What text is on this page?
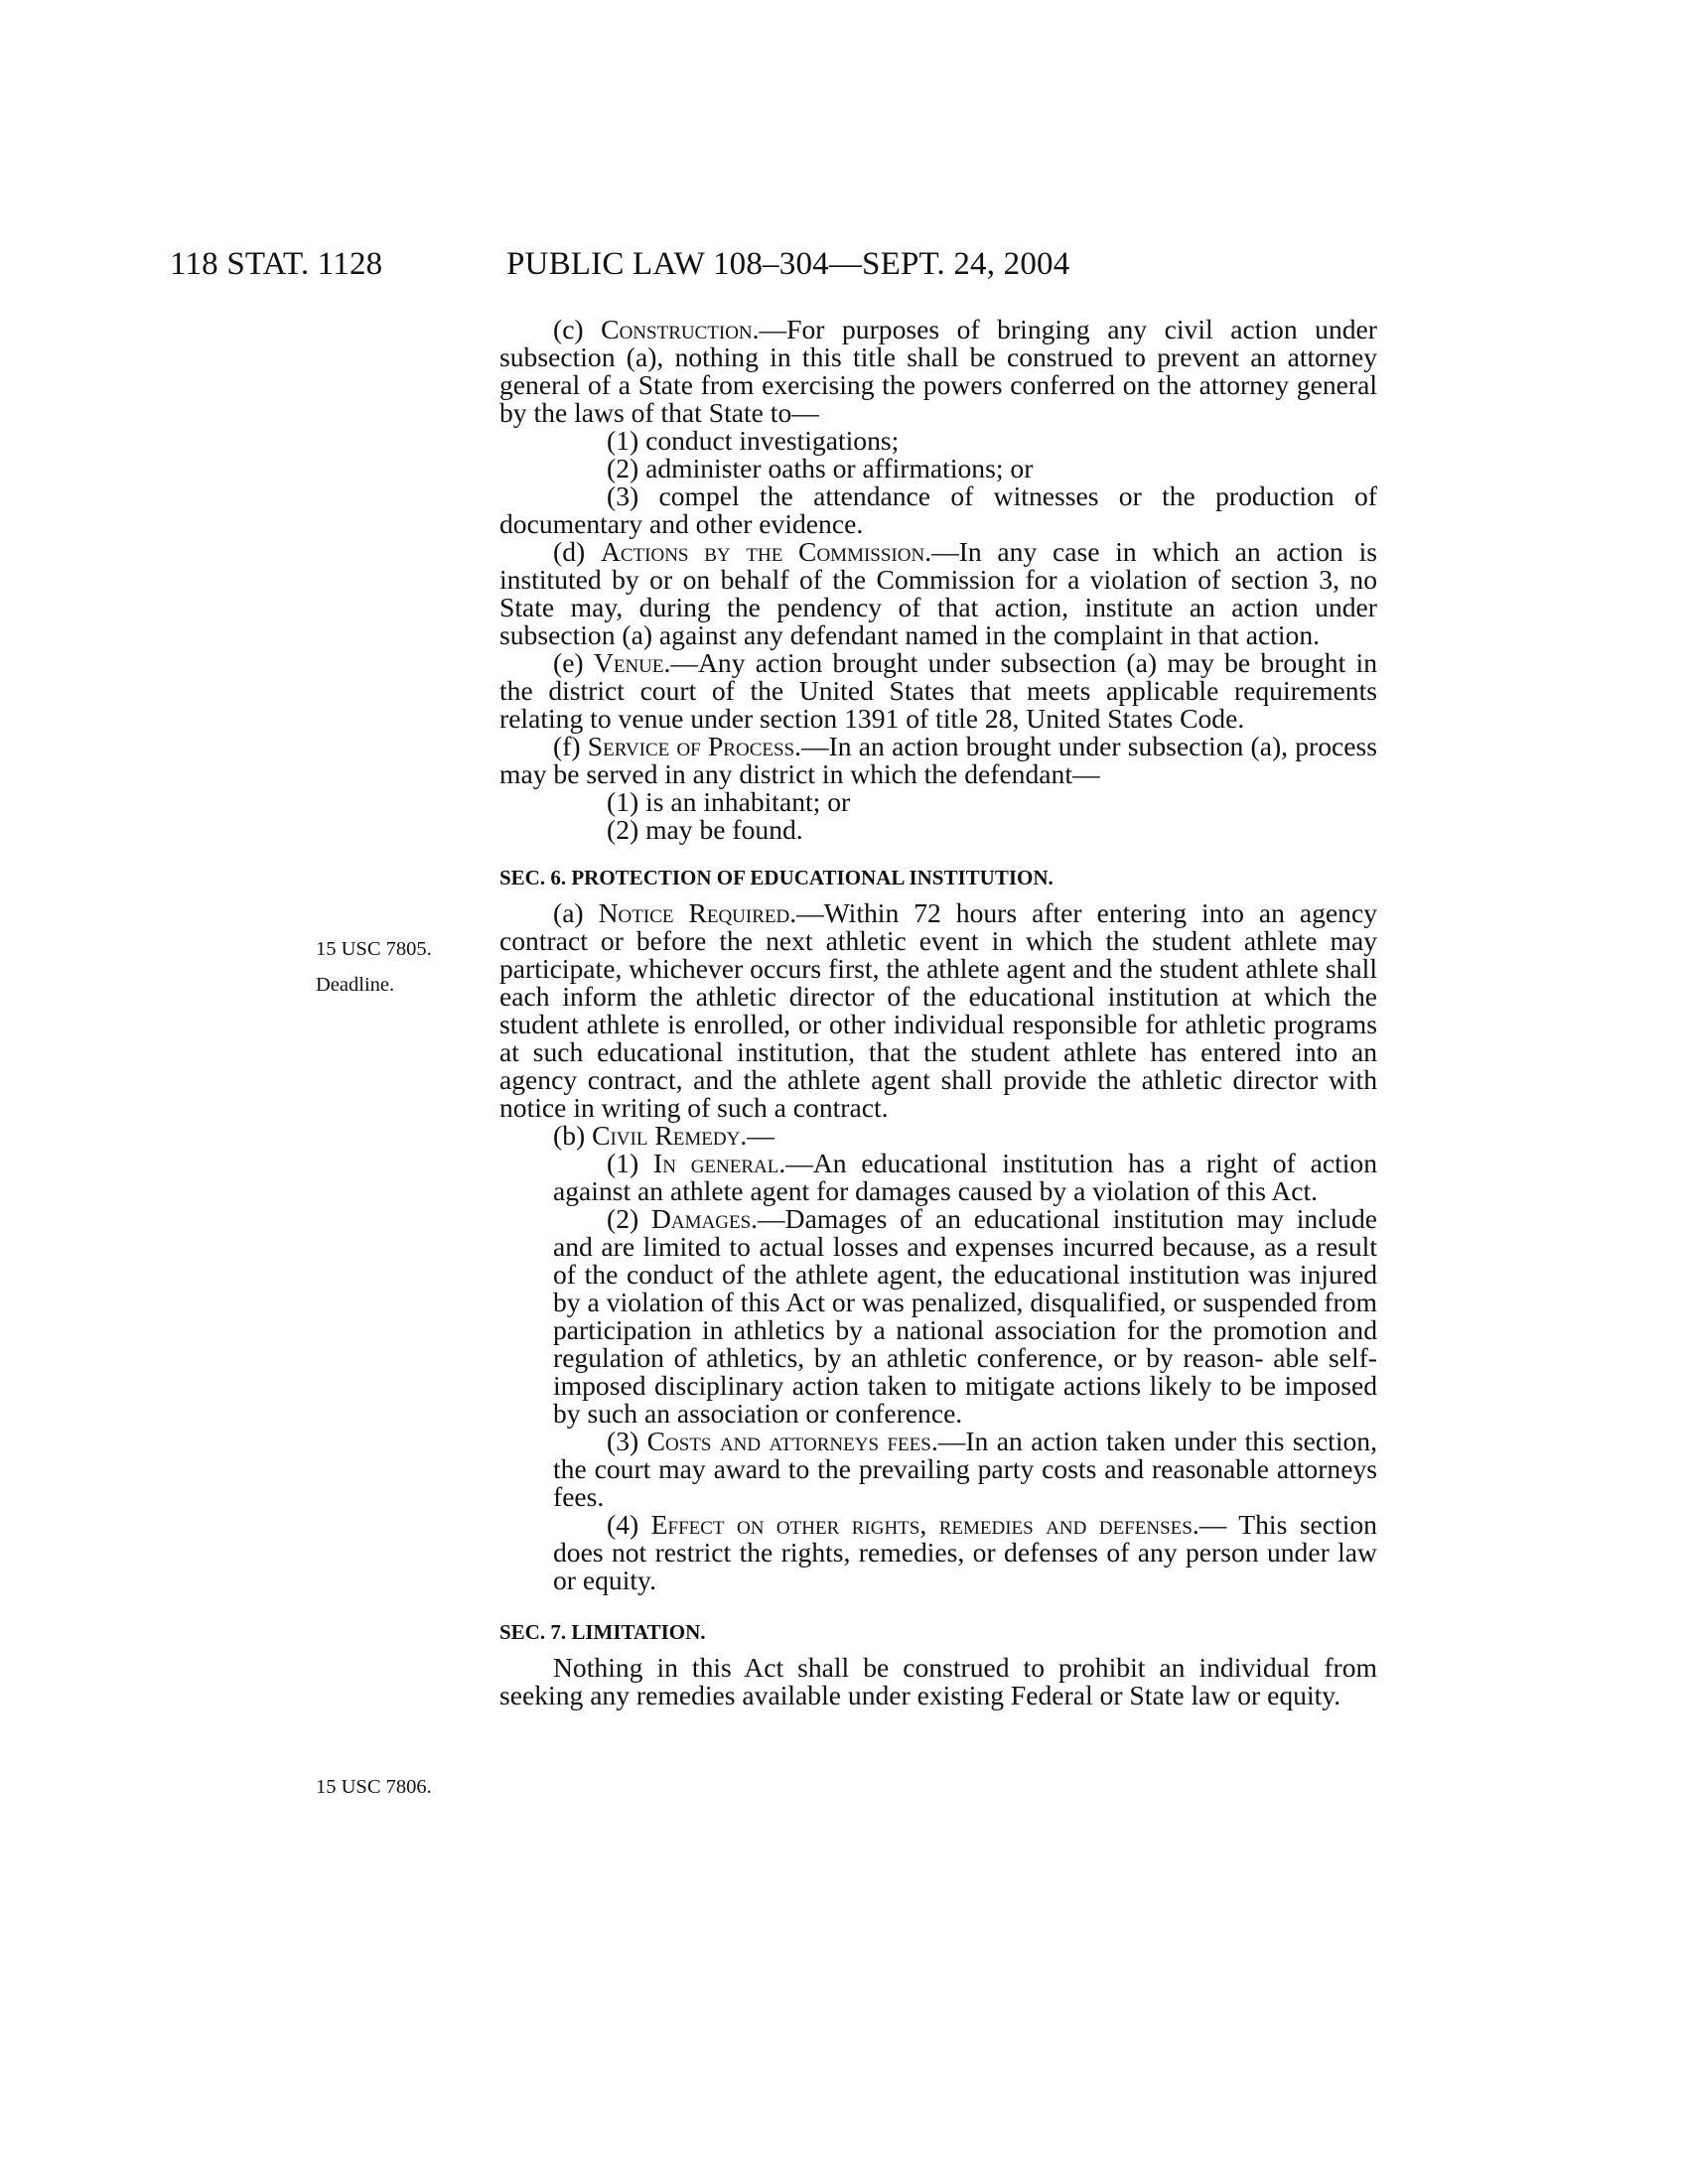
118 STAT. 1128	PUBLIC LAW 108–304—SEPT. 24, 2004
15 USC 7805.
Deadline.
15 USC 7806.

(c) Construction.—For purposes of bringing any civil action under subsection (a), nothing in this title shall be construed to prevent an attorney general of a State from exercising the powers conferred on the attorney general by the laws of that State to—

(1) conduct investigations;

(2) administer oaths or affirmations; or

(3) compel the attendance of witnesses or the production of documentary and other evidence.

(d) Actions by the Commission.—In any case in which an action is instituted by or on behalf of the Commission for a violation of section 3, no State may, during the pendency of that action, institute an action under subsection (a) against any defendant named in the complaint in that action.

(e) Venue.—Any action brought under subsection (a) may be brought in the district court of the United States that meets applicable requirements relating to venue under section 1391 of title 28, United States Code.

(f) Service of Process.—In an action brought under subsection (a), process may be served in any district in which the defendant—

(1) is an inhabitant; or

(2) may be found.

SEC. 6. PROTECTION OF EDUCATIONAL INSTITUTION.

(a) Notice Required.—Within 72 hours after entering into an agency contract or before the next athletic event in which the student athlete may participate, whichever occurs first, the athlete agent and the student athlete shall each inform the athletic director of the educational institution at which the student athlete is enrolled, or other individual responsible for athletic programs at such educational institution, that the student athlete has entered into an agency contract, and the athlete agent shall provide the athletic director with notice in writing of such a contract.

(b) Civil Remedy.—

(1) In general.—An educational institution has a right of action against an athlete agent for damages caused by a violation of this Act.

(2) Damages.—Damages of an educational institution may include and are limited to actual losses and expenses incurred because, as a result of the conduct of the athlete agent, the educational institution was injured by a violation of this Act or was penalized, disqualified, or suspended from participation in athletics by a national association for the promotion and regulation of athletics, by an athletic conference, or by reason- able self-imposed disciplinary action taken to mitigate actions likely to be imposed by such an association or conference.

(3) Costs and attorneys fees.—In an action taken under this section, the court may award to the prevailing party costs and reasonable attorneys fees.

(4) Effect on other rights, remedies and defenses.— This section does not restrict the rights, remedies, or defenses of any person under law or equity.

SEC. 7. LIMITATION.

Nothing in this Act shall be construed to prohibit an individual from seeking any remedies available under existing Federal or State law or equity.
